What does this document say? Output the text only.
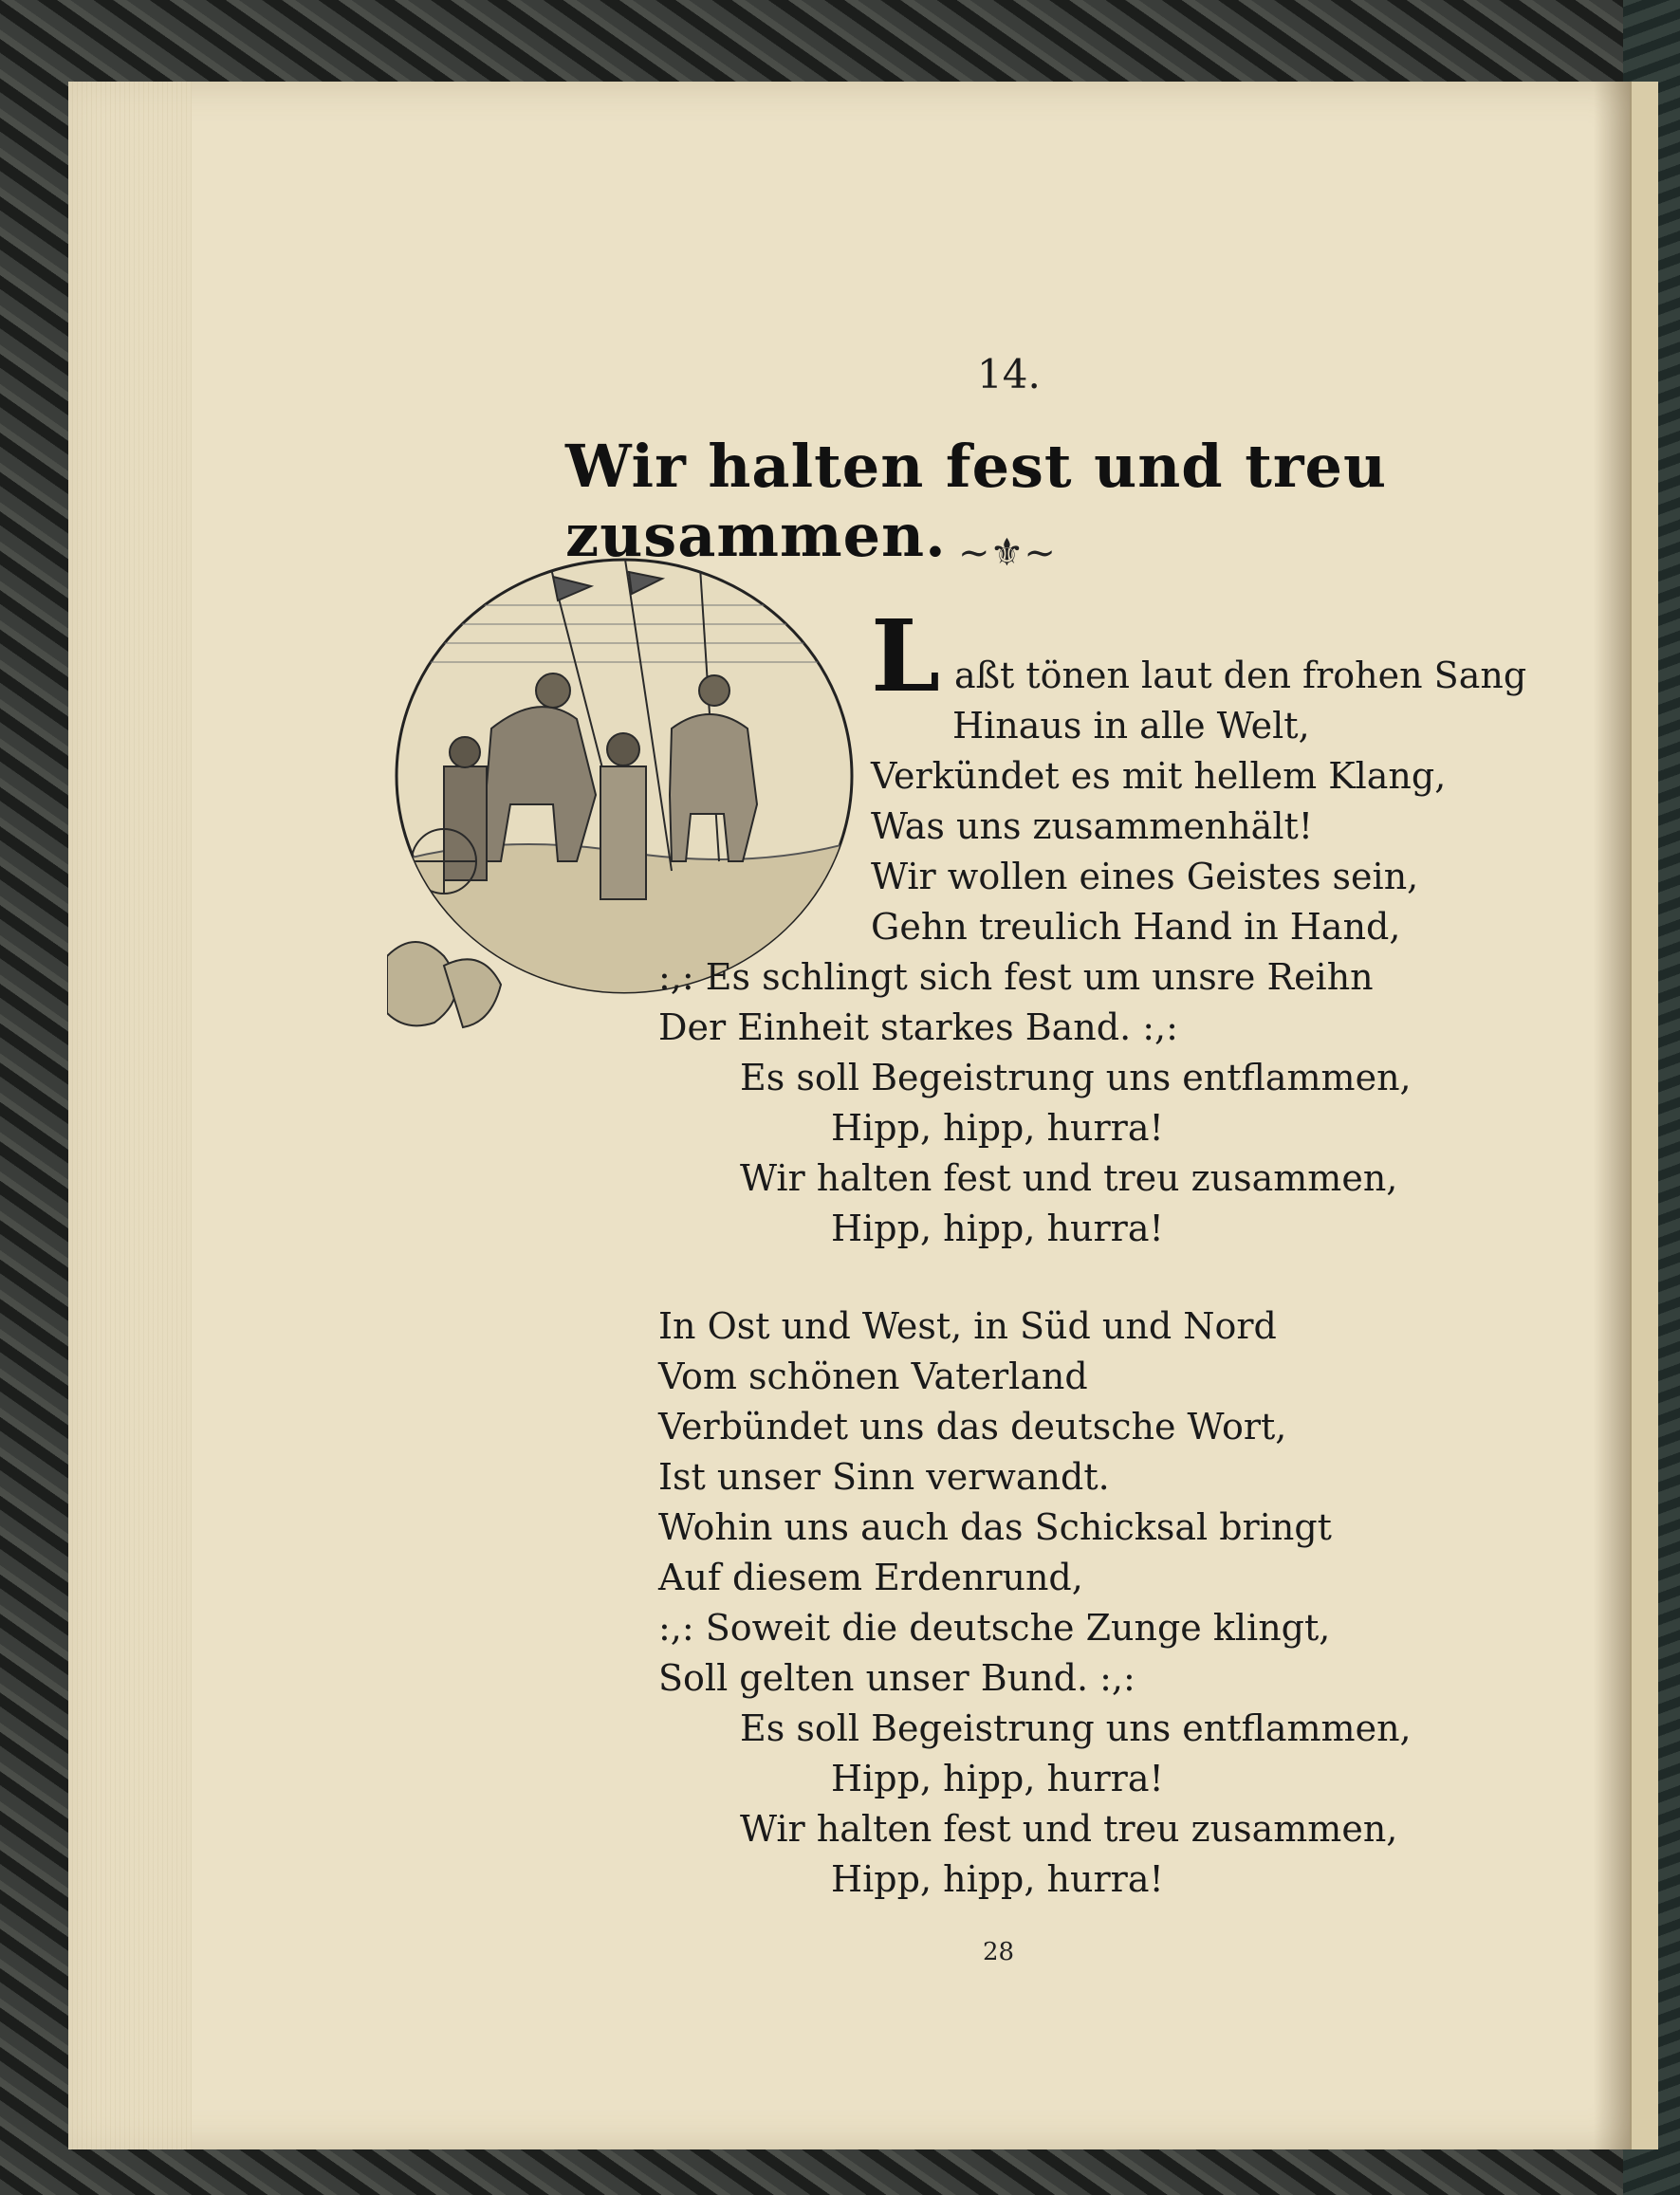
14.
Wir halten fest und treu zusammen. ~⚜~
L aßt tönen laut den frohen Sang
Hinaus in alle Welt,
Verkündet es mit hellem Klang,
Was uns zusammenhält!
Wir wollen eines Geistes sein,
Gehn treulich Hand in Hand,
:,: Es schlingt sich fest um unsre Reihn
Der Einheit starkes Band. :,:
Es soll Begeistrung uns entflammen,
Hipp, hipp, hurra!
Wir halten fest und treu zusammen,
Hipp, hipp, hurra!
In Ost und West, in Süd und Nord
Vom schönen Vaterland
Verbündet uns das deutsche Wort,
Ist unser Sinn verwandt.
Wohin uns auch das Schicksal bringt
Auf diesem Erdenrund,
:,: Soweit die deutsche Zunge klingt,
Soll gelten unser Bund. :,:
Es soll Begeistrung uns entflammen,
Hipp, hipp, hurra!
Wir halten fest und treu zusammen,
Hipp, hipp, hurra!
28
